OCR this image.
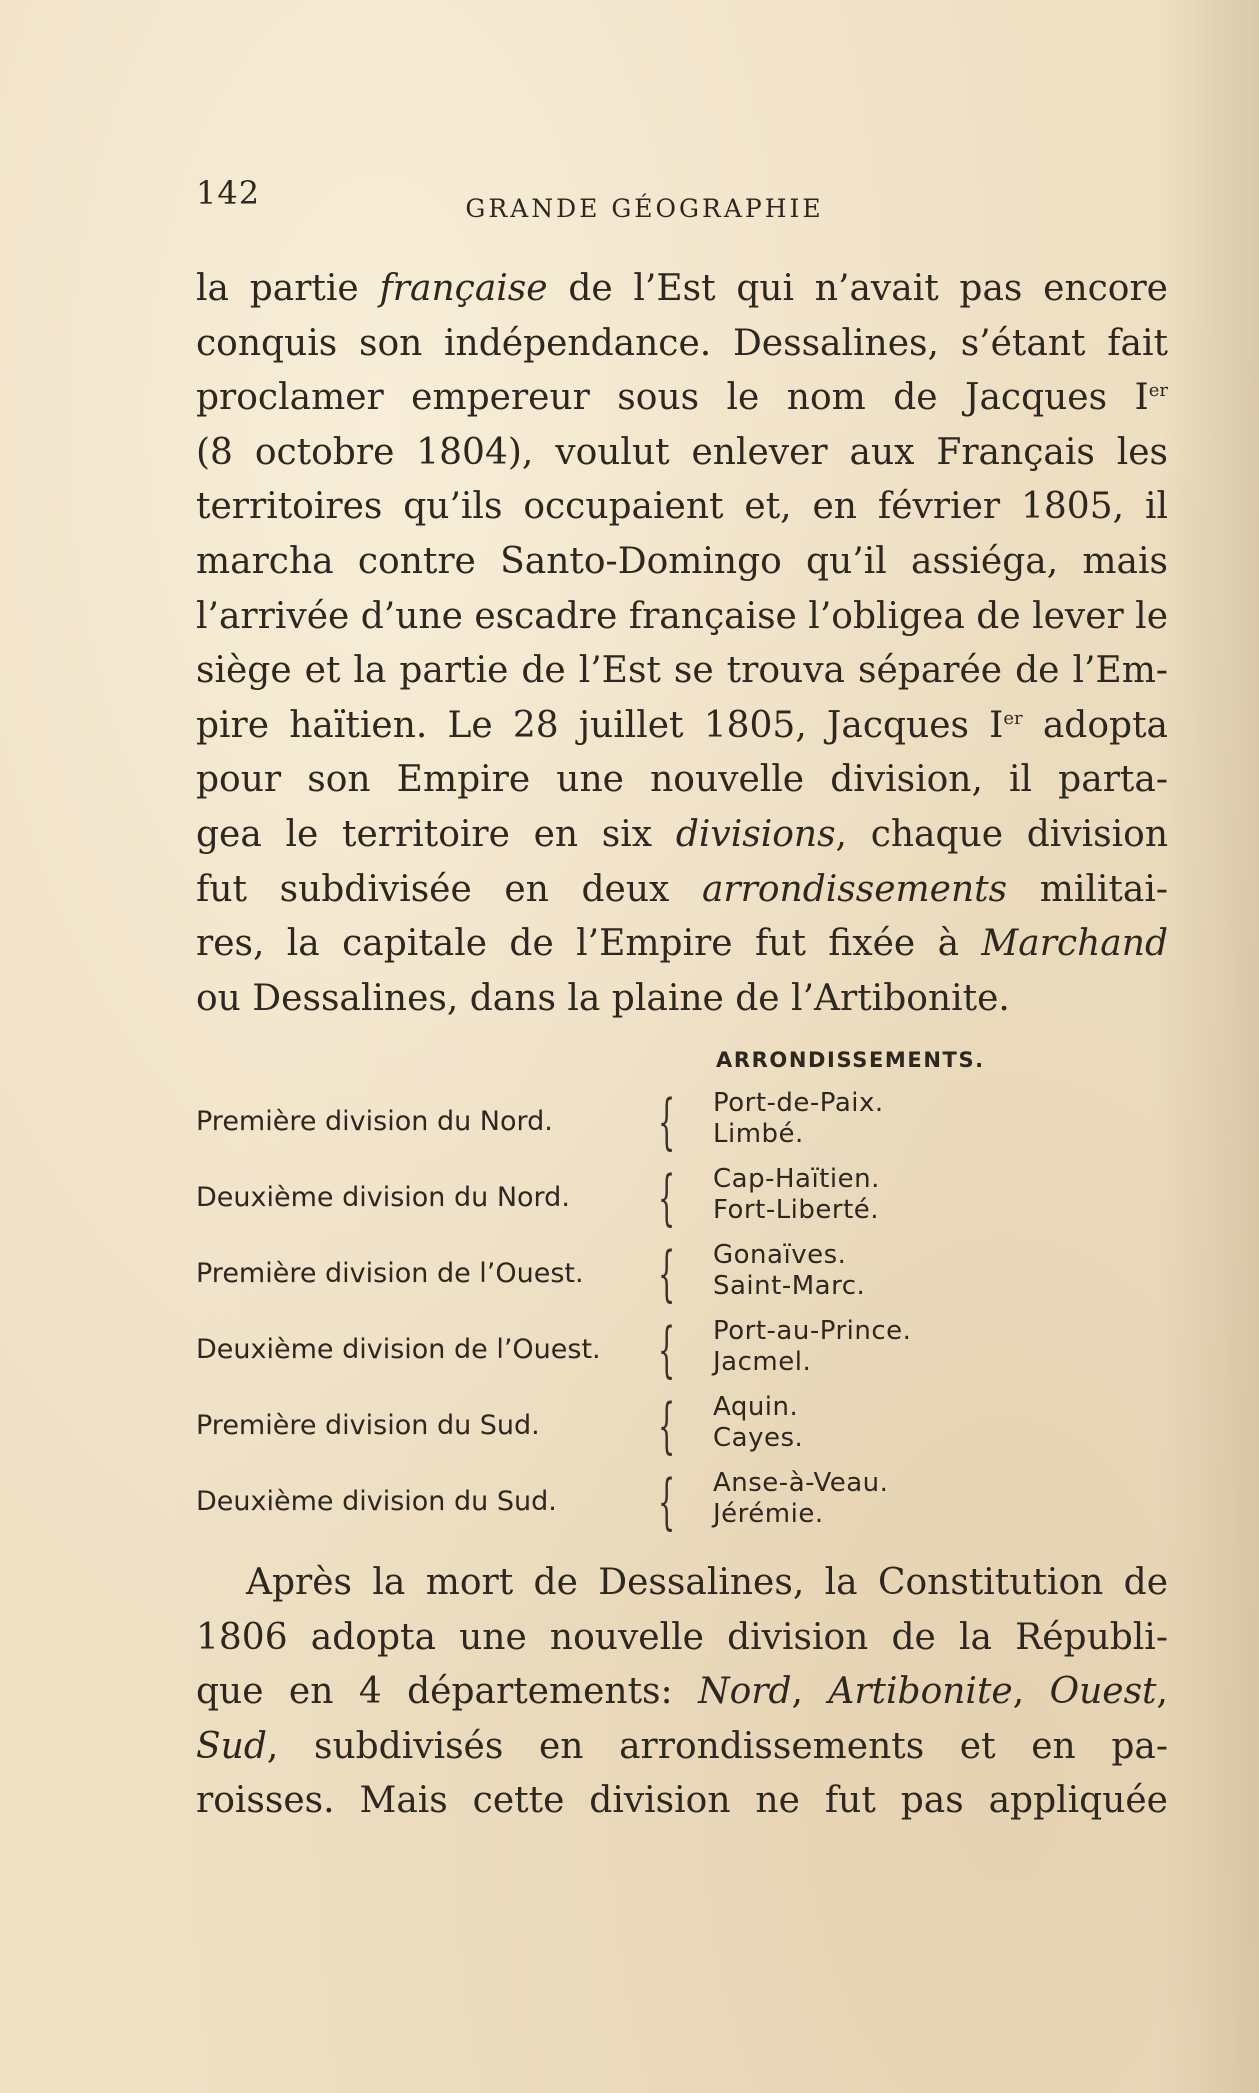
142	GRANDE GÉOGRAPHIE
la partie française de l’Est qui n’avait pas encore
conquis son indépendance. Dessalines, s’étant fait
proclamer empereur sous le nom de Jacques Ier
(8 octobre 1804), voulut enlever aux Français les
territoires qu’ils occupaient et, en février 1805, il
marcha contre Santo-Domingo qu’il assiéga, mais
l’arrivée d’une escadre française l’obligea de lever le
siège et la partie de l’Est se trouva séparée de l’Em-
pire haïtien. Le 28 juillet 1805, Jacques Ier adopta
pour son Empire une nouvelle division, il parta-
gea le territoire en six divisions, chaque division
fut subdivisée en deux arrondissements militai-
res, la capitale de l’Empire fut fixée à Marchand
ou Dessalines, dans la plaine de l’Artibonite.
ARRONDISSEMENTS.
Première division du Nord. { Port-de-Paix.
Limbé.
Deuxième division du Nord. { Cap-Haïtien.
Fort-Liberté.
Première division de l’Ouest. { Gonaïves.
Saint-Marc.
Deuxième division de l’Ouest. { Port-au-Prince.
Jacmel.
Première division du Sud. { Aquin.
Cayes.
Deuxième division du Sud. { Anse-à-Veau.
Jérémie.
Après la mort de Dessalines, la Constitution de
1806 adopta une nouvelle division de la Républi-
que en 4 départements: Nord, Artibonite, Ouest,
Sud, subdivisés en arrondissements et en pa-
roisses. Mais cette division ne fut pas appliquée
